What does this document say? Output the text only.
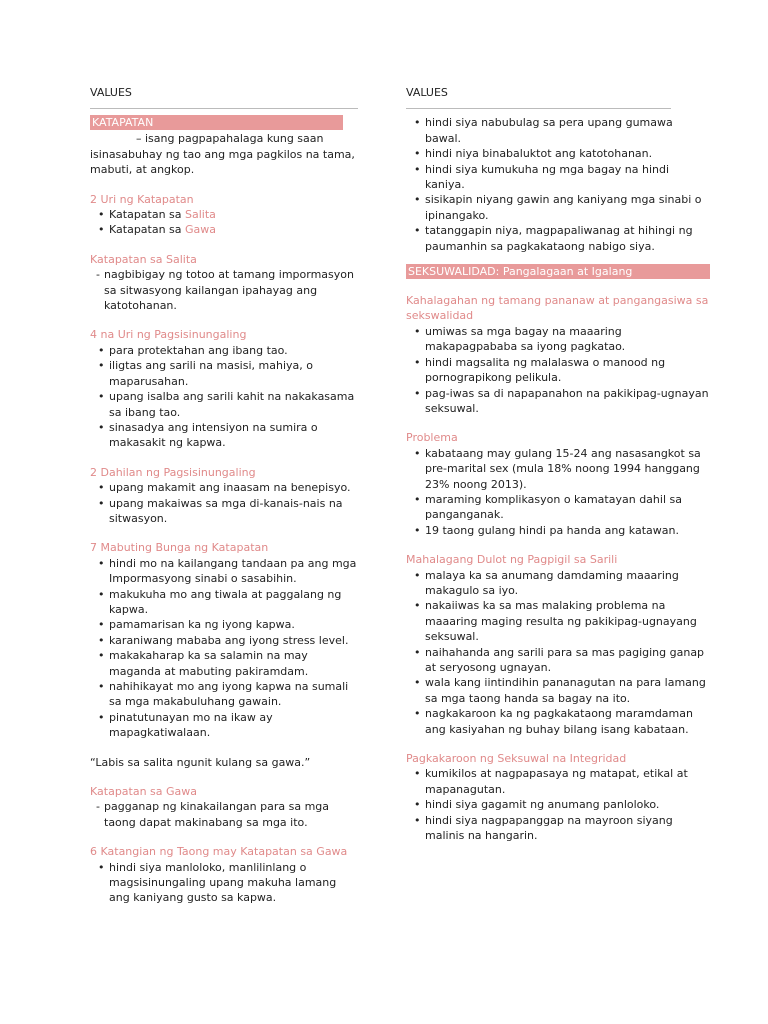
VALUES
KATAPATAN

– isang pagpapahalaga kung saan isinasabuhay ng tao ang mga pagkilos na tama, mabuti, at angkop.

2 Uri ng Katapatan

• Katapatan sa Salita
• Katapatan sa Gawa

Katapatan sa Salita

- nagbibigay ng totoo at tamang impormasyon sa sitwasyong kailangan ipahayag ang katotohanan.

4 na Uri ng Pagsisinungaling

• para protektahan ang ibang tao.
• iligtas ang sarili na masisi, mahiya, o maparusahan.
• upang isalba ang sarili kahit na nakakasama sa ibang tao.
• sinasadya ang intensiyon na sumira o makasakit ng kapwa.

2 Dahilan ng Pagsisinungaling

• upang makamit ang inaasam na benepisyo.
• upang makaiwas sa mga di-kanais-nais na sitwasyon.

7 Mabuting Bunga ng Katapatan

• hindi mo na kailangang tandaan pa ang mga Impormasyong sinabi o sasabihin.
• makukuha mo ang tiwala at paggalang ng kapwa.
• pamamarisan ka ng iyong kapwa.
• karaniwang mababa ang iyong stress level.
• makakaharap ka sa salamin na may maganda at mabuting pakiramdam.
• nahihikayat mo ang iyong kapwa na sumali sa mga makabuluhang gawain.
• pinatutunayan mo na ikaw ay mapagkatiwalaan.

“Labis sa salita ngunit kulang sa gawa.”

Katapatan sa Gawa

- pagganap ng kinakailangan para sa mga taong dapat makinabang sa mga ito.

6 Katangian ng Taong may Katapatan sa Gawa

• hindi siya manloloko, manlilinlang o magsisinungaling upang makuha lamang ang kaniyang gusto sa kapwa.
VALUES
• hindi siya nabubulag sa pera upang gumawa bawal.
• hindi niya binabaluktot ang katotohanan.
• hindi siya kumukuha ng mga bagay na hindi kaniya.
• sisikapin niyang gawin ang kaniyang mga sinabi o ipinangako.
• tatanggapin niya, magpapaliwanag at hihingi ng paumanhin sa pagkakataong nabigo siya.
SEKSUWALIDAD: Pangalagaan at Igalang

Kahalagahan ng tamang pananaw at pangangasiwa sa sekswalidad

• umiwas sa mga bagay na maaaring makapagpababa sa iyong pagkatao.
• hindi magsalita ng malalaswa o manood ng pornograpikong pelikula.
• pag-iwas sa di napapanahon na pakikipag-ugnayan seksuwal.

Problema

• kabataang may gulang 15-24 ang nasasangkot sa pre-marital sex (mula 18% noong 1994 hanggang 23% noong 2013).
• maraming komplikasyon o kamatayan dahil sa panganganak.
• 19 taong gulang hindi pa handa ang katawan.

Mahalagang Dulot ng Pagpigil sa Sarili

• malaya ka sa anumang damdaming maaaring makagulo sa iyo.
• nakaiiwas ka sa mas malaking problema na maaaring maging resulta ng pakikipag-ugnayang seksuwal.
• naihahanda ang sarili para sa mas pagiging ganap at seryosong ugnayan.
• wala kang iintindihin pananagutan na para lamang sa mga taong handa sa bagay na ito.
• nagkakaroon ka ng pagkakataong maramdaman ang kasiyahan ng buhay bilang isang kabataan.

Pagkakaroon ng Seksuwal na Integridad

• kumikilos at nagpapasaya ng matapat, etikal at mapanagutan.
• hindi siya gagamit ng anumang panloloko.
• hindi siya nagpapanggap na mayroon siyang malinis na hangarin.
